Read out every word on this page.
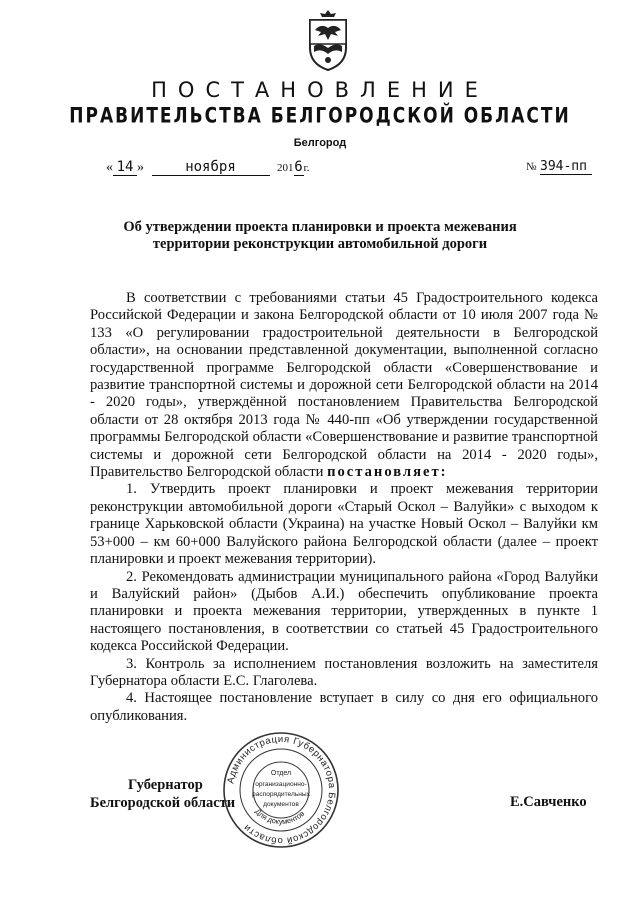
ПОСТАНОВЛЕНИЕ
ПРАВИТЕЛЬСТВА БЕЛГОРОДСКОЙ ОБЛАСТИ
Белгород
« 14 »	ноября	2016г.	№ 394-пп
Об утверждении проекта планировки и проекта межевания
территории реконструкции автомобильной дороги

В соответствии с требованиями статьи 45 Градостроительного кодекса Российской Федерации и закона Белгородской области от 10 июля 2007 года № 133 «О регулировании градостроительной деятельности в Белгородской области», на основании представленной документации, выполненной согласно государственной программе Белгородской области «Совершенствование и развитие транспортной системы и дорожной сети Белгородской области на 2014 - 2020 годы», утверждённой постановлением Правительства Белгородской области от 28 октября 2013 года № 440-пп «Об утверждении государственной программы Белгородской области «Совершенствование и развитие транспортной системы и дорожной сети Белгородской области на 2014 - 2020 годы», Правительство Белгородской области постановляет:

1. Утвердить проект планировки и проект межевания территории реконструкции автомобильной дороги «Старый Оскол – Валуйки» с выходом к границе Харьковской области (Украина) на участке Новый Оскол – Валуйки км 53+000 – км 60+000 Валуйского района Белгородской области (далее – проект планировки и проект межевания территории).

2. Рекомендовать администрации муниципального района «Город Валуйки и Валуйский район» (Дыбов А.И.) обеспечить опубликование проекта планировки и проекта межевания территории, утвержденных в пункте 1 настоящего постановления, в соответствии со статьей 45 Градостроительного кодекса Российской Федерации.

3. Контроль за исполнением постановления возложить на заместителя Губернатора области Е.С. Глаголева.

4. Настоящее постановление вступает в силу со дня его официального опубликования.

Губернатор
Белгородской области	Е.Савченко
Администрация Губернатора Белгородской области
Для документов
Отдел
организационно-
распорядительных
документов
